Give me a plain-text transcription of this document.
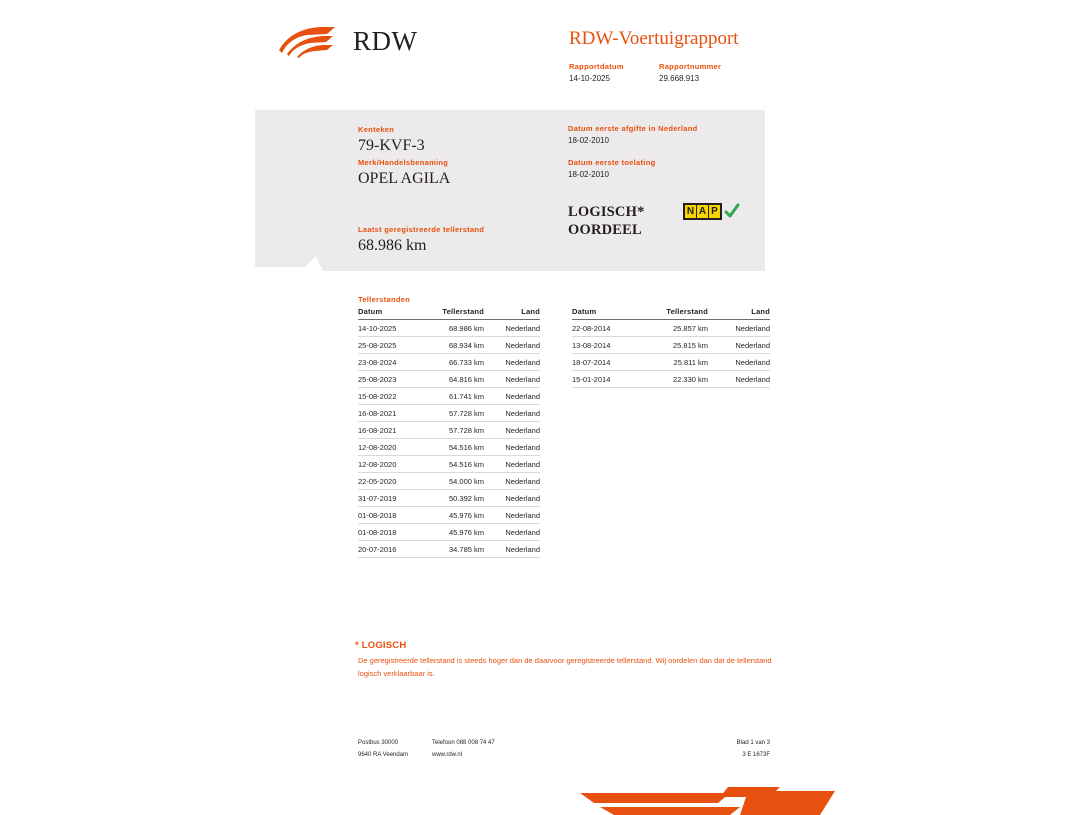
RDW	RDW-Voertuigrapport
Rapportdatum
14-10-2025
Rapportnummer
29.668.913
Kenteken
79-KVF-3
Merk/Handelsbenaming
OPEL AGILA
Laatst geregistreerde tellerstand
68.986 km
Datum eerste afgifte in Nederland
18-02-2010
Datum eerste toelating
18-02-2010
LOGISCH*
OORDEEL
N A P
Tellerstanden
Datum	Tellerstand	Land
14-10-2025	68.986 km	Nederland
25-08-2025	68.934 km	Nederland
23-08-2024	66.733 km	Nederland
25-08-2023	64.816 km	Nederland
15-08-2022	61.741 km	Nederland
16-08-2021	57.728 km	Nederland
16-08-2021	57.728 km	Nederland
12-08-2020	54.516 km	Nederland
12-08-2020	54.516 km	Nederland
22-05-2020	54.000 km	Nederland
31-07-2019	50.392 km	Nederland
01-08-2018	45.976 km	Nederland
01-08-2018	45.976 km	Nederland
20-07-2016	34.785 km	Nederland
Datum	Tellerstand	Land
22-08-2014	25.857 km	Nederland
13-08-2014	25.815 km	Nederland
18-07-2014	25.811 km	Nederland
15-01-2014	22.330 km	Nederland
* LOGISCH
De geregistreerde tellerstand is steeds hoger dan de daarvoor geregistreerde tellerstand. Wij oordelen dan dat de tellerstand logisch verklaarbaar is.
Postbus 30000	Telefoon 088 008 74 47	Blad 1 van 3
9640 RA Veendam	www.rdw.nl	3 E 1673F
